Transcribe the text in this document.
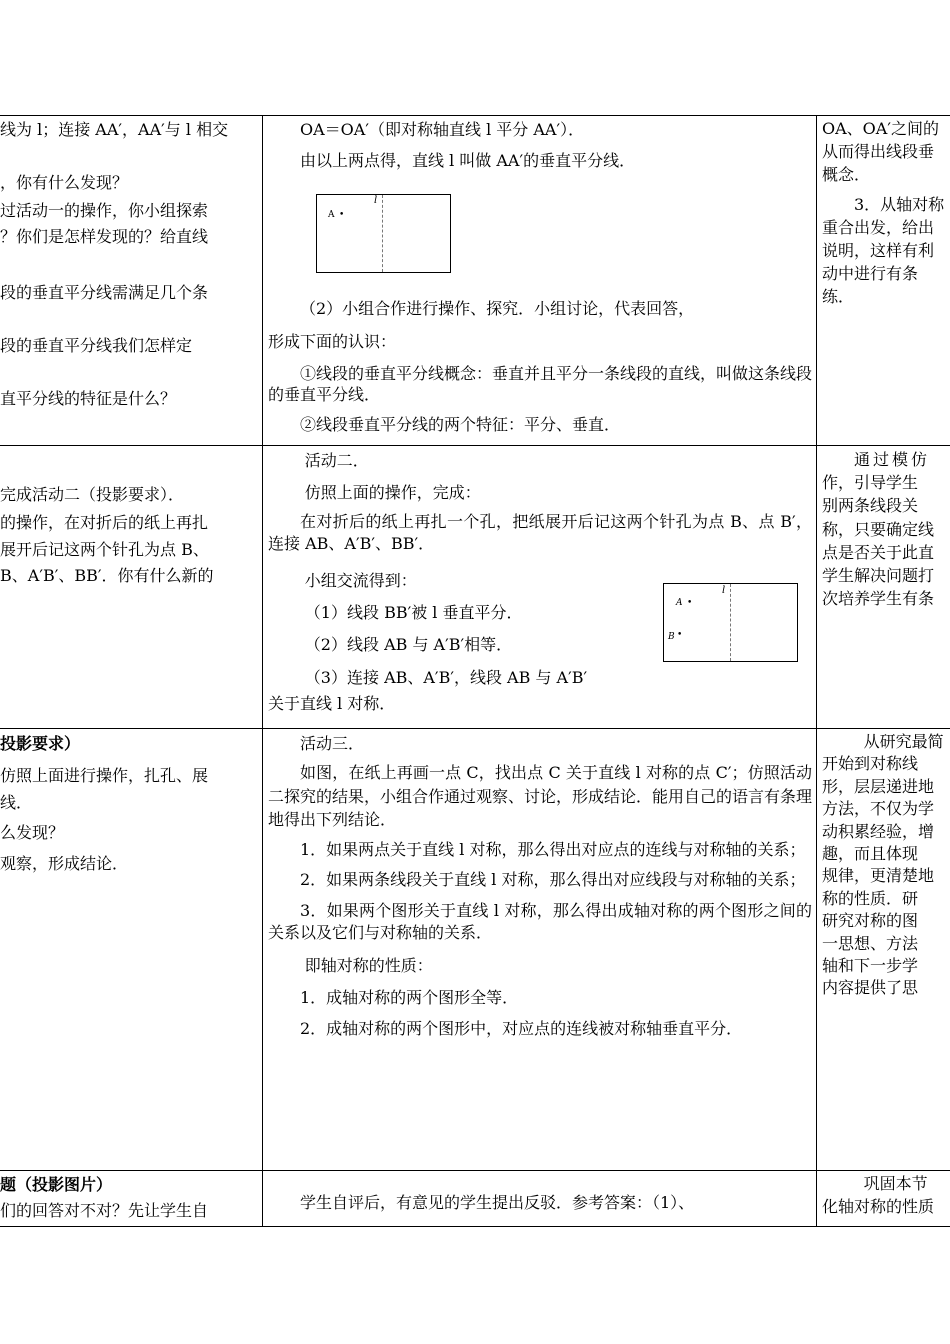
线为 l；连接 AA′，AA′与 l 相交

，你有什么发现？

过活动一的操作，你小组探索

？你们是怎样发现的？给直线

段的垂直平分线需满足几个条

段的垂直平分线我们怎样定

直平分线的特征是什么？

OA＝OA′（即对称轴直线 l 平分 AA′）．

由以上两点得，直线 l 叫做 AA′的垂直平分线．

l
A •

（2）小组合作进行操作、探究．小组讨论，代表回答，

形成下面的认识：

①线段的垂直平分线概念：垂直并且平分一条线段的直线，叫做这条线段的垂直平分线．

②线段垂直平分线的两个特征：平分、垂直．

OA、OA′之间的

从而得出线段垂

概念．

3．从轴对称

重合出发，给出

说明，这样有利

动中进行有条

练．

完成活动二（投影要求）．

的操作，在对折后的纸上再扎

展开后记这两个针孔为点 B、

B、A′B′、BB′．你有什么新的

活动二．

仿照上面的操作，完成：

在对折后的纸上再扎一个孔，把纸展开后记这两个针孔为点 B、点 B′，连接 AB、A′B′、BB′．

小组交流得到：

（1）线段 BB′被 l 垂直平分．

（2）线段 AB 与 A′B′相等．

（3）连接 AB、A′B′，线段 AB 与 A′B′

关于直线 l 对称．

l
A •
B •

通过模仿

作，引导学生

别两条线段关

称，只要确定线

点是否关于此直

学生解决问题打

次培养学生有条

投影要求）

仿照上面进行操作，扎孔、展

线．

么发现？

观察，形成结论．

活动三．

如图，在纸上再画一点 C，找出点 C 关于直线 l 对称的点 C′；仿照活动二探究的结果，小组合作通过观察、讨论，形成结论．能用自己的语言有条理地得出下列结论．

1．如果两点关于直线 l 对称，那么得出对应点的连线与对称轴的关系；

2．如果两条线段关于直线 l 对称，那么得出对应线段与对称轴的关系；

3．如果两个图形关于直线 l 对称，那么得出成轴对称的两个图形之间的关系以及它们与对称轴的关系．

即轴对称的性质：

1．成轴对称的两个图形全等．

2．成轴对称的两个图形中，对应点的连线被对称轴垂直平分．

从研究最简

开始到对称线

形，层层递进地

方法，不仅为学

动积累经验，增

趣，而且体现

规律，更清楚地

称的性质．研

研究对称的图

一思想、方法

轴和下一步学

内容提供了思

题（投影图片）

们的回答对不对？先让学生自	学生自评后，有意见的学生提出反驳．参考答案：（1）、

巩固本节

化轴对称的性质
